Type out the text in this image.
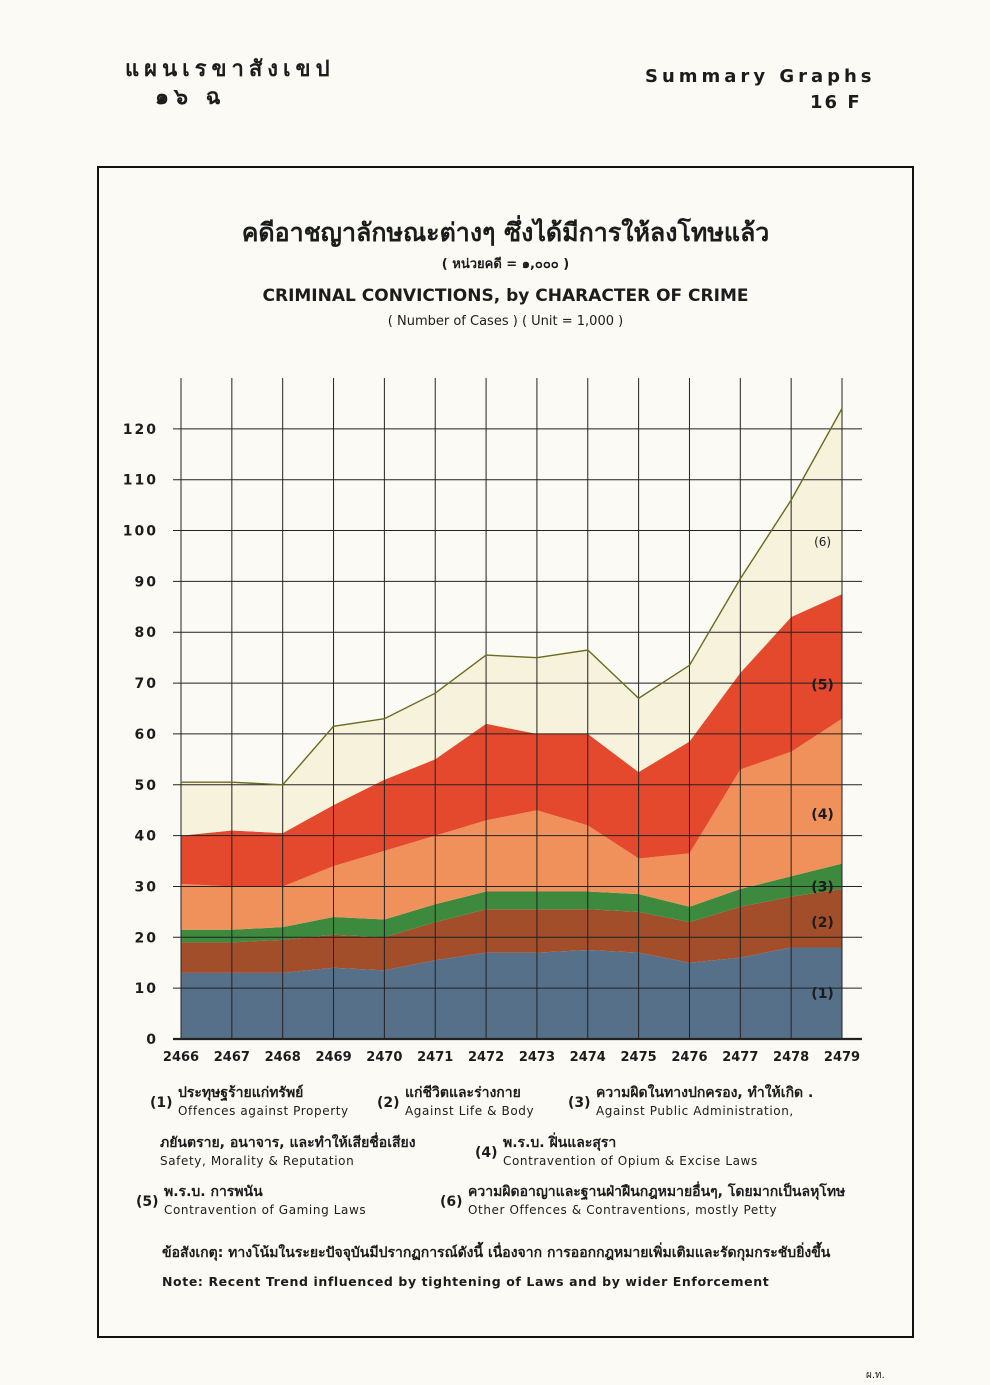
แผนเรขาสังเขป
๑๖ ฉ
Summary Graphs
16 F
คดีอาชญาลักษณะต่างๆ ซึ่งได้มีการให้ลงโทษแล้ว
( หน่วยคดี = ๑,๐๐๐ )
CRIMINAL CONVICTIONS, by CHARACTER OF CRIME
( Number of Cases ) ( Unit = 1,000 )
0
10
20
30
40
50
60
70
80
90
100
110
120
2466 2467 2468 2469 2470 2471 2472 2473 2474 2475 2476 2477 2478 2479
(1)
(2)
(3)
(4)
(5)
(6)
(1)
ประทุษฐร้ายแก่ทรัพย์
Offences against Property (2)
แก่ชีวิตและร่างกาย
Against Life & Body (3)
ความผิดในทางปกครอง, ทำให้เกิด .
Against Public Administration,
ภยันตราย, อนาจาร, และทำให้เสียชื่อเสียง
Safety, Morality & Reputation	(4)
พ.ร.บ. ฝิ่นและสุรา
Contravention of Opium & Excise Laws
(5)
พ.ร.บ. การพนัน
Contravention of Gaming Laws	(6)
ความผิดอาญาและฐานฝ่าฝืนกฎหมายอื่นๆ, โดยมากเป็นลหุโทษ
Other Offences & Contraventions, mostly Petty
ข้อสังเกตุ: ทางโน้มในระยะปัจจุบันมีปรากฏการณ์ดังนี้ เนื่องจาก การออกกฎหมายเพิ่มเติมและรัดกุมกระชับยิ่งขึ้น
Note: Recent Trend influenced by tightening of Laws and by wider Enforcement
ผ.ท.
